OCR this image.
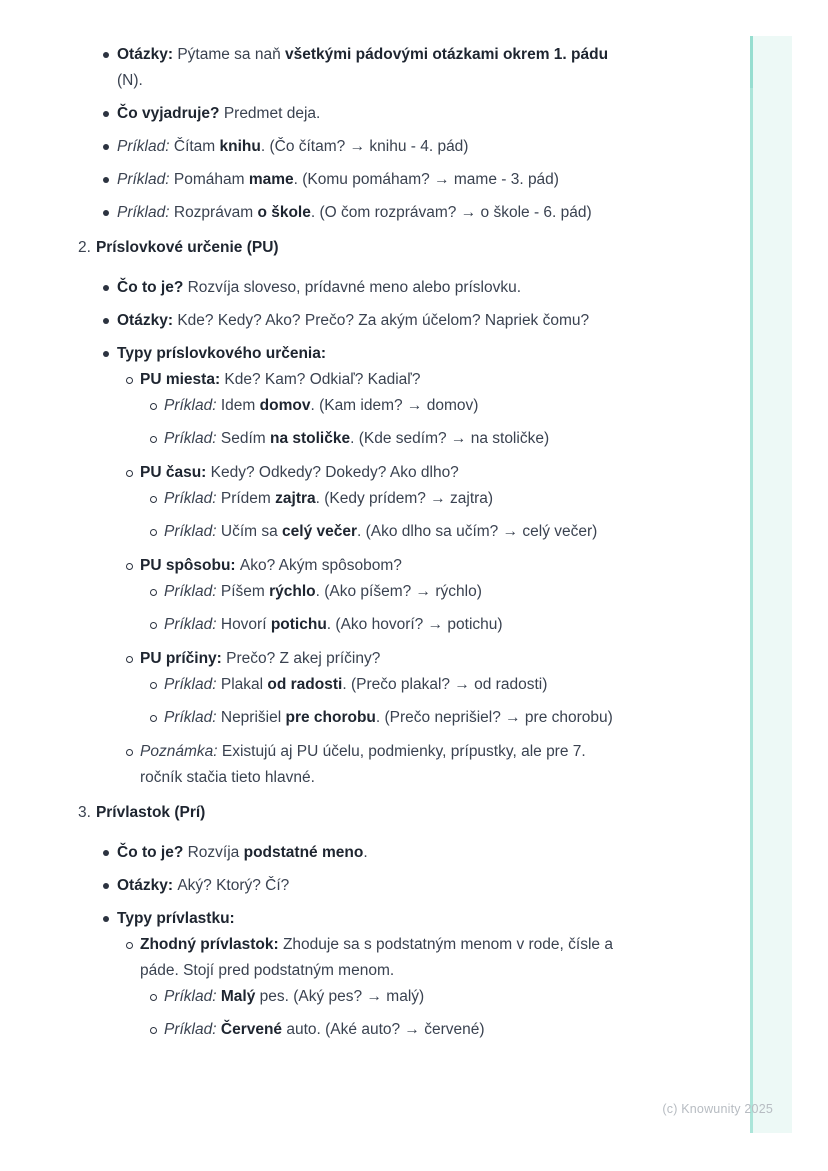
Otázky: Pýtame sa naň všetkými pádovými otázkami okrem 1. pádu
(N).
Čo vyjadruje? Predmet deja.
Príklad: Čítam knihu. (Čo čítam? → knihu - 4. pád)
Príklad: Pomáham mame. (Komu pomáham? → mame - 3. pád)
Príklad: Rozprávam o škole. (O čom rozprávam? → o škole - 6. pád)
2. Príslovkové určenie (PU)
Čo to je? Rozvíja sloveso, prídavné meno alebo príslovku.
Otázky: Kde? Kedy? Ako? Prečo? Za akým účelom? Napriek čomu?
Typy príslovkového určenia:
PU miesta: Kde? Kam? Odkiaľ? Kadiaľ?
Príklad: Idem domov. (Kam idem? → domov)
Príklad: Sedím na stoličke. (Kde sedím? → na stoličke)
PU času: Kedy? Odkedy? Dokedy? Ako dlho?
Príklad: Prídem zajtra. (Kedy prídem? → zajtra)
Príklad: Učím sa celý večer. (Ako dlho sa učím? → celý večer)
PU spôsobu: Ako? Akým spôsobom?
Príklad: Píšem rýchlo. (Ako píšem? → rýchlo)
Príklad: Hovorí potichu. (Ako hovorí? → potichu)
PU príčiny: Prečo? Z akej príčiny?
Príklad: Plakal od radosti. (Prečo plakal? → od radosti)
Príklad: Neprišiel pre chorobu. (Prečo neprišiel? → pre chorobu)
Poznámka: Existujú aj PU účelu, podmienky, prípustky, ale pre 7.
ročník stačia tieto hlavné.
3. Prívlastok (Prí)
Čo to je? Rozvíja podstatné meno.
Otázky: Aký? Ktorý? Čí?
Typy prívlastku:
Zhodný prívlastok: Zhoduje sa s podstatným menom v rode, čísle a
páde. Stojí pred podstatným menom.
Príklad: Malý pes. (Aký pes? → malý)
Príklad: Červené auto. (Aké auto? → červené)
(c) Knowunity 2025
